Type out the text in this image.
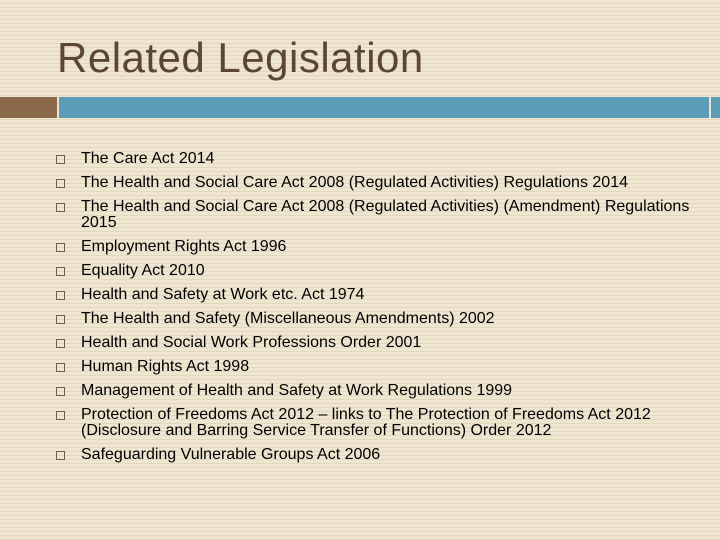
Related Legislation
The Care Act 2014
The Health and Social Care Act 2008 (Regulated Activities) Regulations 2014
The Health and Social Care Act 2008 (Regulated Activities) (Amendment) Regulations 2015
Employment Rights Act 1996
Equality Act 2010
Health and Safety at Work etc. Act 1974
The Health and Safety (Miscellaneous Amendments) 2002
Health and Social Work Professions Order 2001
Human Rights Act 1998
Management of Health and Safety at Work Regulations 1999
Protection of Freedoms Act 2012 – links to The Protection of Freedoms Act 2012 (Disclosure and Barring Service Transfer of Functions) Order 2012
Safeguarding Vulnerable Groups Act 2006
